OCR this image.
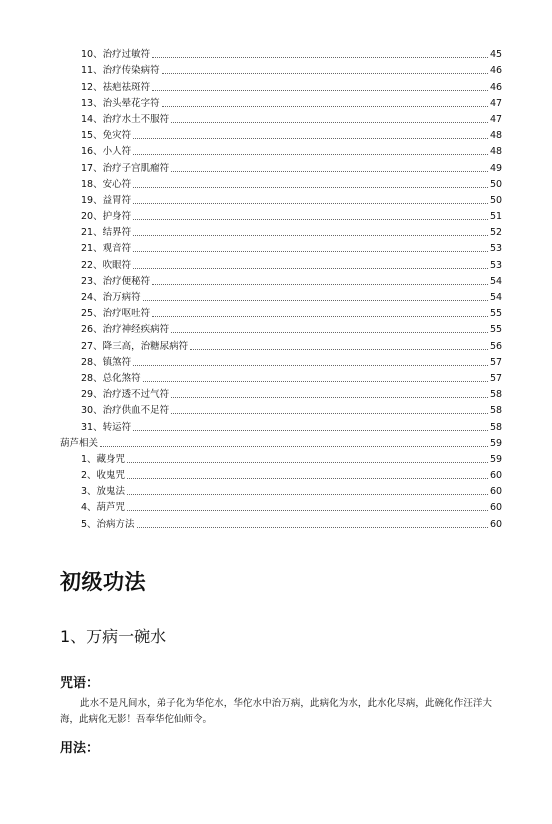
10、治疗过敏符	45
11、治疗传染病符	46
12、祛疤祛斑符	46
13、治头晕花字符	47
14、治疗水土不服符	47
15、免灾符	48
16、小人符	48
17、治疗子宫肌瘤符	49
18、安心符	50
19、益胃符	50
20、护身符	51
21、结界符	52
21、观音符	53
22、吹眼符	53
23、治疗便秘符	54
24、治万病符	54
25、治疗呕吐符	55
26、治疗神经疾病符	55
27、降三高，治糖尿病符	56
28、镇煞符	57
28、总化煞符	57
29、治疗透不过气符	58
30、治疗供血不足符	58
31、转运符	58
葫芦相关	59
1、藏身咒	59
2、收鬼咒	60
3、放鬼法	60
4、葫芦咒	60
5、治病方法	60
初级功法
1、万病一碗水
咒语：
此水不是凡间水，弟子化为华佗水，华佗水中治万病，此病化为水，此水化尽病，此碗化作汪洋大海，此病化无影！吾奉华佗仙师令。
用法：
